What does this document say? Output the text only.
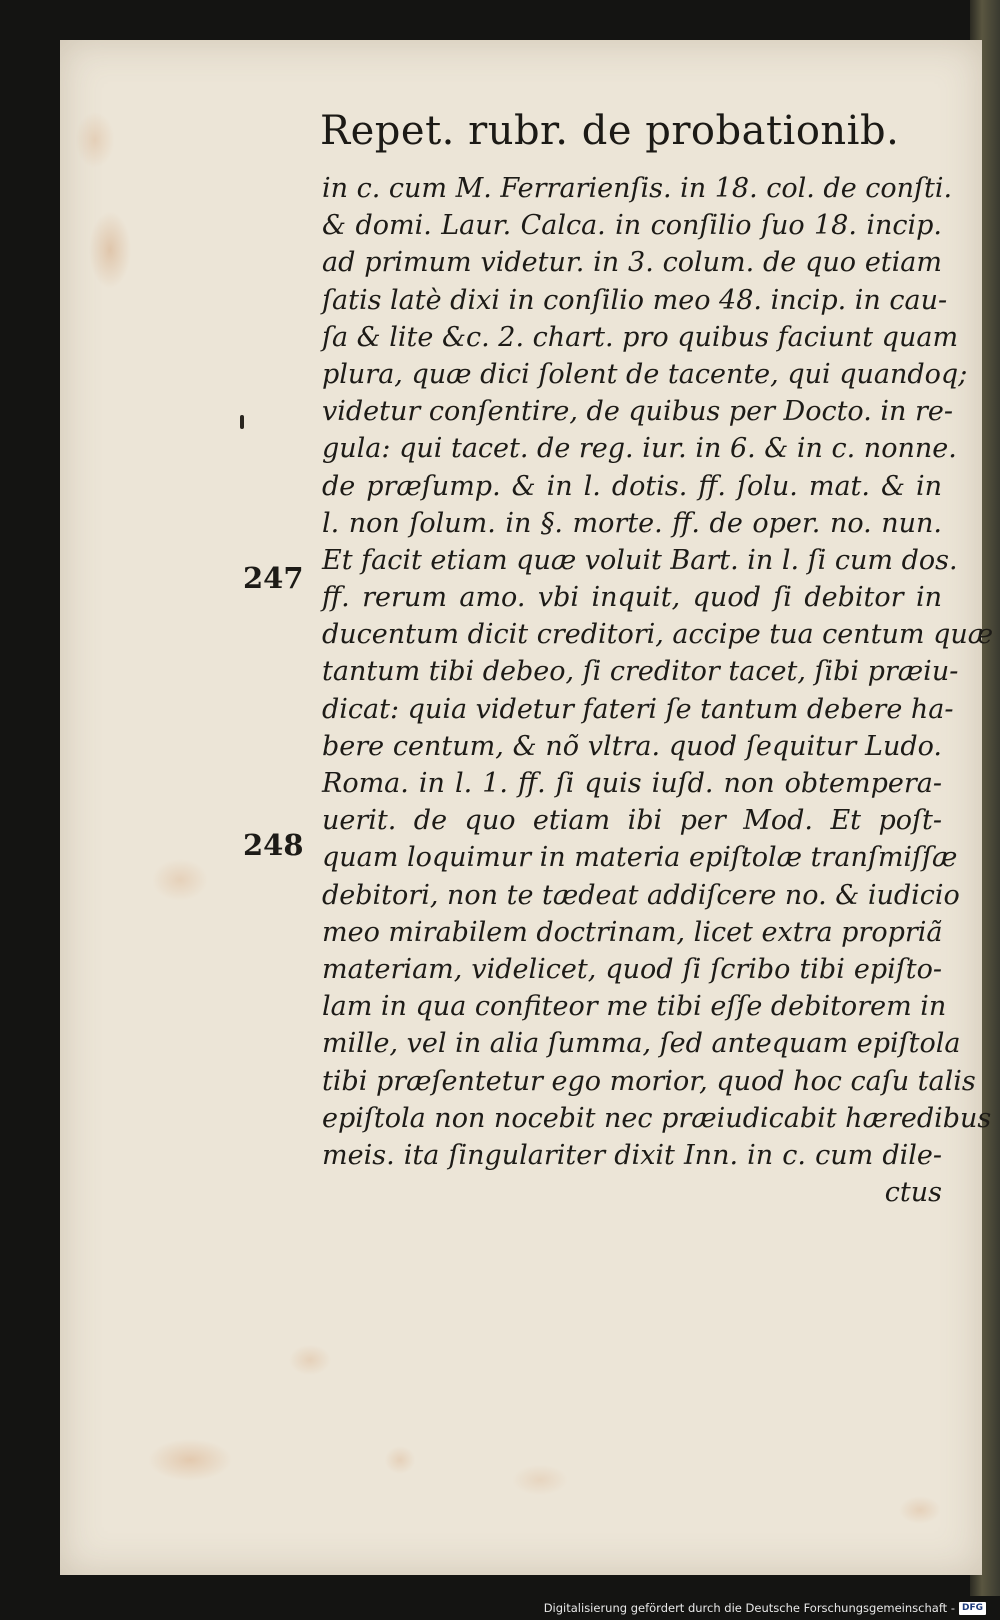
Repet. rubr. de probationib.
247
248
in c. cum M. Ferrarienſis. in 18. col. de conſti.
& domi. Laur. Calca. in conſilio ſuo 18. incip.
ad primum videtur. in 3. colum. de quo etiam
ſatis latè dixi in conſilio meo 48. incip. in cau-
ſa & lite &c. 2. chart. pro quibus faciunt quam
plura, quæ dici ſolent de tacente, qui quandoq;
videtur conſentire, de quibus per Docto. in re-
gula: qui tacet. de reg. iur. in 6. & in c. nonne.
de præſump. & in l. dotis. ff. ſolu. mat. & in
l. non ſolum. in §. morte. ff. de oper. no. nun.
Et facit etiam quæ voluit Bart. in l. ſi cum dos.
ff. rerum amo. vbi inquit, quod ſi debitor in
ducentum dicit creditori, accipe tua centum quæ
tantum tibi debeo, ſi creditor tacet, ſibi præiu-
dicat: quia videtur fateri ſe tantum debere ha-
bere centum, & nõ vltra. quod ſequitur Ludo.
Roma. in l. 1. ff. ſi quis iuſd. non obtempera-
uerit. de quo etiam ibi per Mod. Et poſt-
quam loquimur in materia epiſtolæ tranſmiſſæ
debitori, non te tædeat addiſcere no. & iudicio
meo mirabilem doctrinam, licet extra propriã
materiam, videlicet, quod ſi ſcribo tibi epiſto-
lam in qua confiteor me tibi eſſe debitorem in
mille, vel in alia ſumma, ſed antequam epiſtola
tibi præſentetur ego morior, quod hoc caſu talis
epiſtola non nocebit nec præiudicabit hæredibus
meis. ita ſingulariter dixit Inn. in c. cum dile-
ctus
Digitalisierung gefördert durch die Deutsche Forschungsgemeinschaft - DFG
